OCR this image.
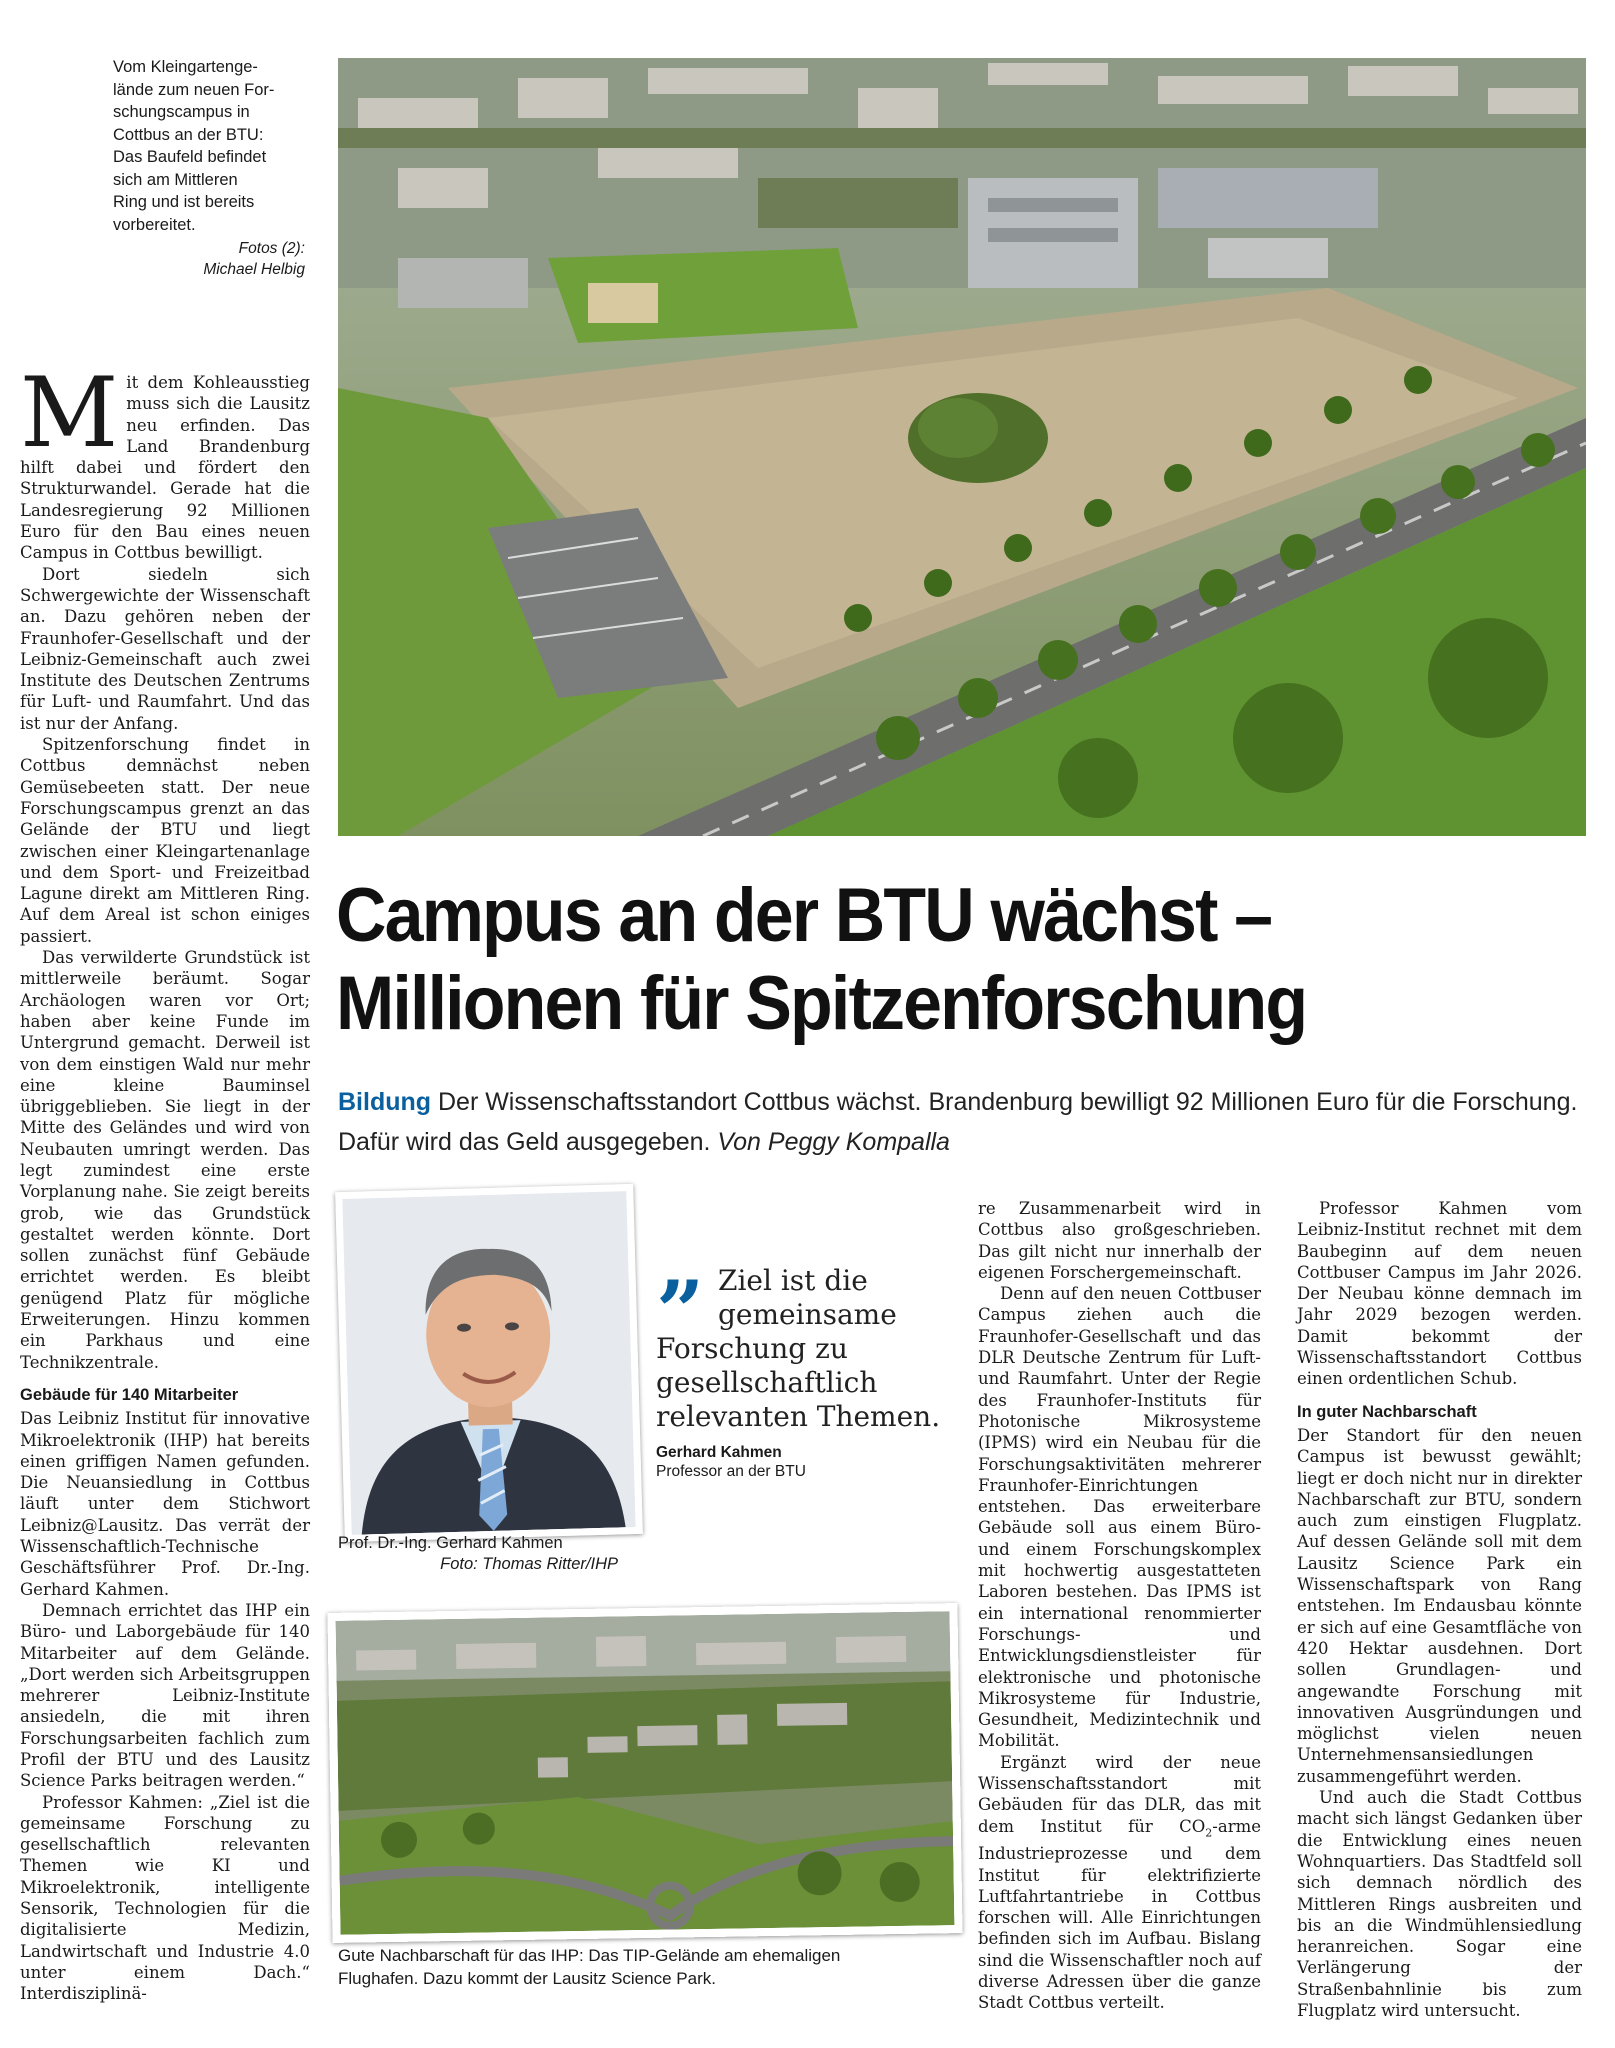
Vom Kleingartenge-
lände zum neuen For-
schungscampus in
Cottbus an der BTU:
Das Baufeld befindet
sich am Mittleren
Ring und ist bereits
vorbereitet.
Fotos (2):
Michael Helbig
Campus an der BTU wächst –
Millionen für Spitzenforschung
Bildung Der Wissenschaftsstandort Cottbus wächst. Brandenburg bewilligt 92 Millionen Euro für die Forschung. Dafür wird das Geld ausgegeben. Von Peggy Kompalla

Mit dem Kohleausstieg muss sich die Lausitz neu erfinden. Das Land Brandenburg hilft dabei und fördert den Strukturwandel. Gerade hat die Landesregierung 92 Millionen Euro für den Bau eines neuen Campus in Cottbus bewilligt.

Dort siedeln sich Schwergewichte der Wissenschaft an. Dazu gehören neben der Fraunhofer-Gesellschaft und der Leibniz-Gemeinschaft auch zwei Institute des Deutschen Zentrums für Luft- und Raumfahrt. Und das ist nur der Anfang.

Spitzenforschung findet in Cottbus demnächst neben Gemüsebeeten statt. Der neue Forschungscampus grenzt an das Gelände der BTU und liegt zwischen einer Kleingartenanlage und dem Sport- und Freizeitbad Lagune direkt am Mittleren Ring. Auf dem Areal ist schon einiges passiert.

Das verwilderte Grundstück ist mittlerweile beräumt. Sogar Archäologen waren vor Ort; haben aber keine Funde im Untergrund gemacht. Derweil ist von dem einstigen Wald nur mehr eine kleine Bauminsel übriggeblieben. Sie liegt in der Mitte des Geländes und wird von Neubauten umringt werden. Das legt zumindest eine erste Vorplanung nahe. Sie zeigt bereits grob, wie das Grundstück gestaltet werden könnte. Dort sollen zunächst fünf Gebäude errichtet werden. Es bleibt genügend Platz für mögliche Erweiterungen. Hinzu kommen ein Parkhaus und eine Technikzentrale.

Gebäude für 140 Mitarbeiter

Das Leibniz Institut für innovative Mikroelektronik (IHP) hat bereits einen griffigen Namen gefunden. Die Neuansiedlung in Cottbus läuft unter dem Stichwort Leibniz@Lausitz. Das verrät der Wissenschaftlich-Technische Geschäftsführer Prof. Dr.-Ing. Gerhard Kahmen.

Demnach errichtet das IHP ein Büro- und Laborgebäude für 140 Mitarbeiter auf dem Gelände. „Dort werden sich Arbeitsgruppen mehrerer Leibniz-Institute ansiedeln, die mit ihren Forschungsarbeiten fachlich zum Profil der BTU und des Lausitz Science Parks beitragen werden.“

Professor Kahmen: „Ziel ist die gemeinsame Forschung zu gesellschaftlich relevanten Themen wie KI und Mikroelektronik, intelligente Sensorik, Technologien für die digitalisierte Medizin, Landwirtschaft und Industrie 4.0 unter einem Dach.“ Interdisziplinä-

Prof. Dr.-Ing. Gerhard Kahmen
Foto: Thomas Ritter/IHP
” Ziel ist die
gemeinsame
Forschung zu
gesellschaftlich
relevanten Themen.
Gerhard Kahmen
Professor an der BTU
Gute Nachbarschaft für das IHP: Das TIP-Gelände am ehemaligen
Flughafen. Dazu kommt der Lausitz Science Park.

re Zusammenarbeit wird in Cottbus also großgeschrieben. Das gilt nicht nur innerhalb der eigenen Forschergemeinschaft.

Denn auf den neuen Cottbuser Campus ziehen auch die Fraunhofer-Gesellschaft und das DLR Deutsche Zentrum für Luft- und Raumfahrt. Unter der Regie des Fraunhofer-Instituts für Photonische Mikrosysteme (IPMS) wird ein Neubau für die Forschungsaktivitäten mehrerer Fraunhofer-Einrichtungen entstehen. Das erweiterbare Gebäude soll aus einem Büro- und einem Forschungskomplex mit hochwertig ausgestatteten Laboren bestehen. Das IPMS ist ein international renommierter Forschungs- und Entwicklungsdienstleister für elektronische und photonische Mikrosysteme für Industrie, Gesundheit, Medizintechnik und Mobilität.

Ergänzt wird der neue Wissenschaftsstandort mit Gebäuden für das DLR, das mit dem Institut für $CO_2$-arme Industrieprozesse und dem Institut für elektrifizierte Luftfahrtantriebe in Cottbus forschen will. Alle Einrichtungen befinden sich im Aufbau. Bislang sind die Wissenschaftler noch auf diverse Adressen über die ganze Stadt Cottbus verteilt.

Professor Kahmen vom Leibniz-Institut rechnet mit dem Baubeginn auf dem neuen Cottbuser Campus im Jahr 2026. Der Neubau könne demnach im Jahr 2029 bezogen werden. Damit bekommt der Wissenschaftsstandort Cottbus einen ordentlichen Schub.

In guter Nachbarschaft

Der Standort für den neuen Campus ist bewusst gewählt; liegt er doch nicht nur in direkter Nachbarschaft zur BTU, sondern auch zum einstigen Flugplatz. Auf dessen Gelände soll mit dem Lausitz Science Park ein Wissenschaftspark von Rang entstehen. Im Endausbau könnte er sich auf eine Gesamtfläche von 420 Hektar ausdehnen. Dort sollen Grundlagen- und angewandte Forschung mit innovativen Ausgründungen und möglichst vielen neuen Unternehmensansiedlungen zusammengeführt werden.

Und auch die Stadt Cottbus macht sich längst Gedanken über die Entwicklung eines neuen Wohnquartiers. Das Stadtfeld soll sich demnach nördlich des Mittleren Rings ausbreiten und bis an die Windmühlensiedlung heranreichen. Sogar eine Verlängerung der Straßenbahnlinie bis zum Flugplatz wird untersucht.
